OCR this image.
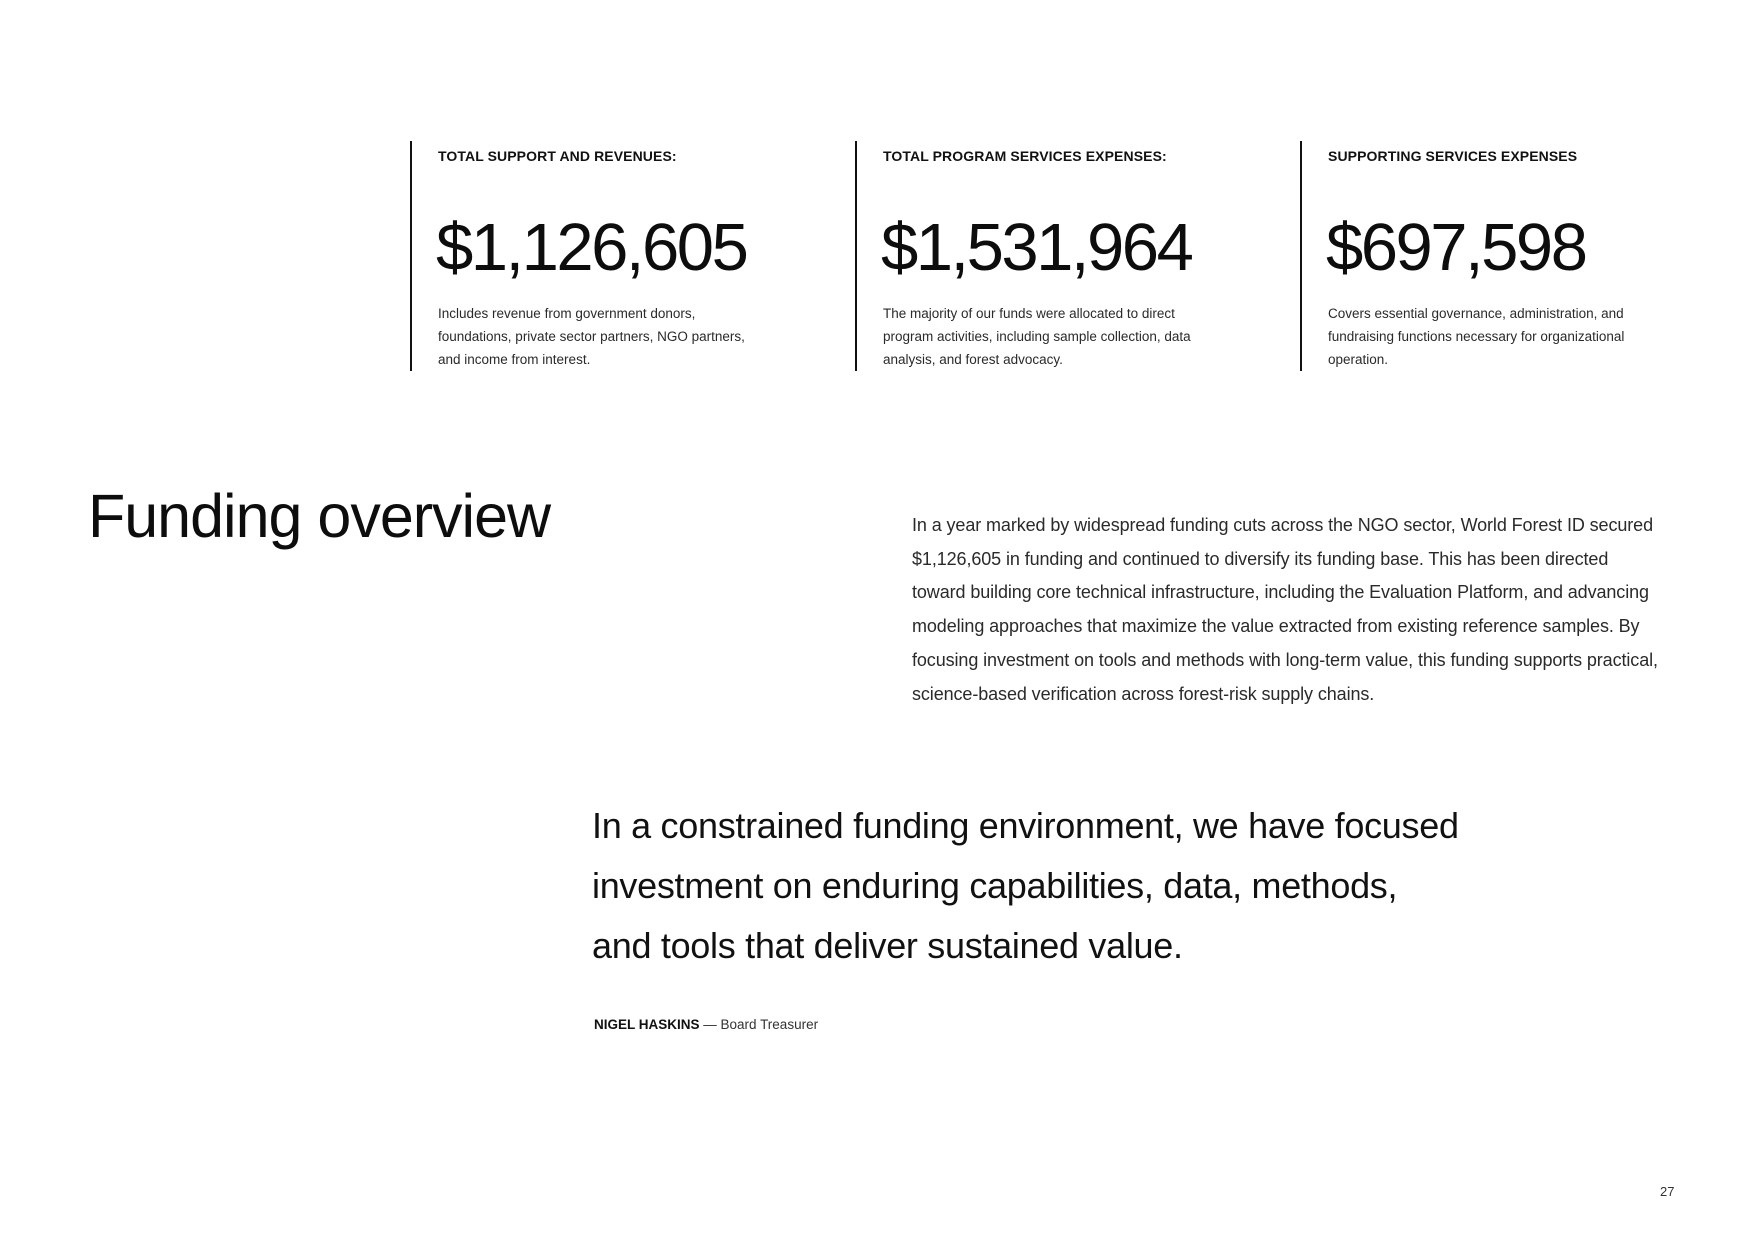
TOTAL SUPPORT AND REVENUES:
$1,126,605
Includes revenue from government donors, foundations, private sector partners, NGO partners, and income from interest.
TOTAL PROGRAM SERVICES EXPENSES:
$1,531,964
The majority of our funds were allocated to direct program activities, including sample collection, data analysis, and forest advocacy.
SUPPORTING SERVICES EXPENSES
$697,598
Covers essential governance, administration, and fundraising functions necessary for organizational operation.
Funding overview	In a year marked by widespread funding cuts across the NGO sector, World Forest ID secured $1,126,605 in funding and continued to diversify its funding base. This has been directed toward building core technical infrastructure, including the Evaluation Platform, and advancing modeling approaches that maximize the value extracted from existing reference samples. By focusing investment on tools and methods with long-term value, this funding supports practical, science-based verification across forest-risk supply chains.

In a constrained funding environment, we have focused investment on enduring capabilities, data, methods, and tools that deliver sustained value.

NIGEL HASKINS — Board Treasurer
27
